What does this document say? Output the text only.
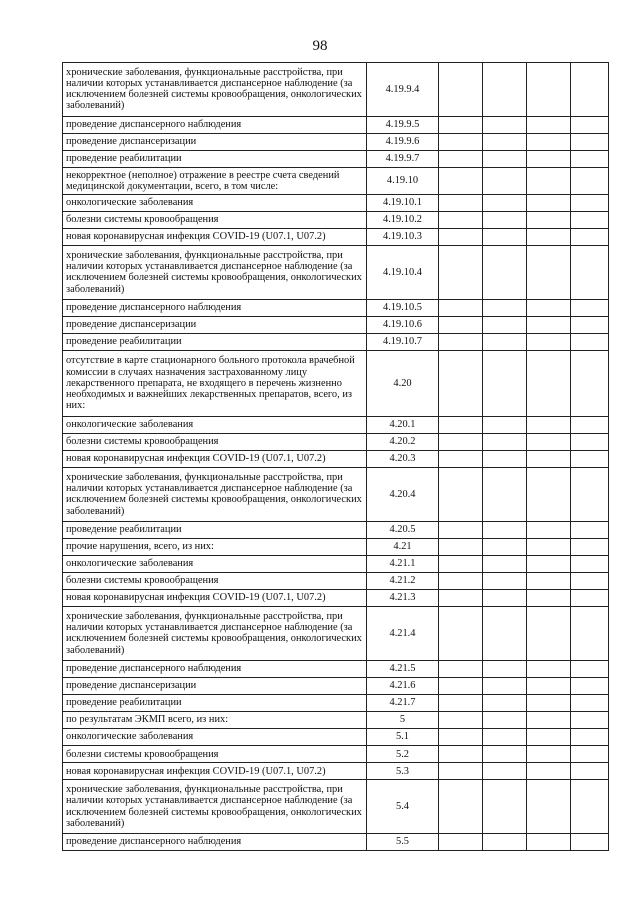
98
хронические заболевания, функциональные расстройства, при наличии которых устанавливается диспансерное наблюдение (за исключением болезней системы кровообращения, онкологических заболеваний)	4.19.9.4				
проведение диспансерного наблюдения	4.19.9.5				
проведение диспансеризации	4.19.9.6				
проведение реабилитации	4.19.9.7				
некорректное (неполное) отражение в реестре счета сведений медицинской документации, всего, в том числе:	4.19.10				
онкологические заболевания	4.19.10.1				
болезни системы кровообращения	4.19.10.2				
новая коронавирусная инфекция COVID-19 (U07.1, U07.2)	4.19.10.3				
хронические заболевания, функциональные расстройства, при наличии которых устанавливается диспансерное наблюдение (за исключением болезней системы кровообращения, онкологических заболеваний)	4.19.10.4				
проведение диспансерного наблюдения	4.19.10.5				
проведение диспансеризации	4.19.10.6				
проведение реабилитации	4.19.10.7				
отсутствие в карте стационарного больного протокола врачебной комиссии в случаях назначения застрахованному лицу лекарственного препарата, не входящего в перечень жизненно необходимых и важнейших лекарственных препаратов, всего, из них:	4.20				
онкологические заболевания	4.20.1				
болезни системы кровообращения	4.20.2				
новая коронавирусная инфекция COVID-19 (U07.1, U07.2)	4.20.3				
хронические заболевания, функциональные расстройства, при наличии которых устанавливается диспансерное наблюдение (за исключением болезней системы кровообращения, онкологических заболеваний)	4.20.4				
проведение реабилитации	4.20.5				
прочие нарушения, всего, из них:	4.21				
онкологические заболевания	4.21.1				
болезни системы кровообращения	4.21.2				
новая коронавирусная инфекция COVID-19 (U07.1, U07.2)	4.21.3				
хронические заболевания, функциональные расстройства, при наличии которых устанавливается диспансерное наблюдение (за исключением болезней системы кровообращения, онкологических заболеваний)	4.21.4				
проведение диспансерного наблюдения	4.21.5				
проведение диспансеризации	4.21.6				
проведение реабилитации	4.21.7				
по результатам ЭКМП всего, из них:	5				
онкологические заболевания	5.1				
болезни системы кровообращения	5.2				
новая коронавирусная инфекция COVID-19 (U07.1, U07.2)	5.3				
хронические заболевания, функциональные расстройства, при наличии которых устанавливается диспансерное наблюдение (за исключением болезней системы кровообращения, онкологических заболеваний)	5.4				
проведение диспансерного наблюдения	5.5				
